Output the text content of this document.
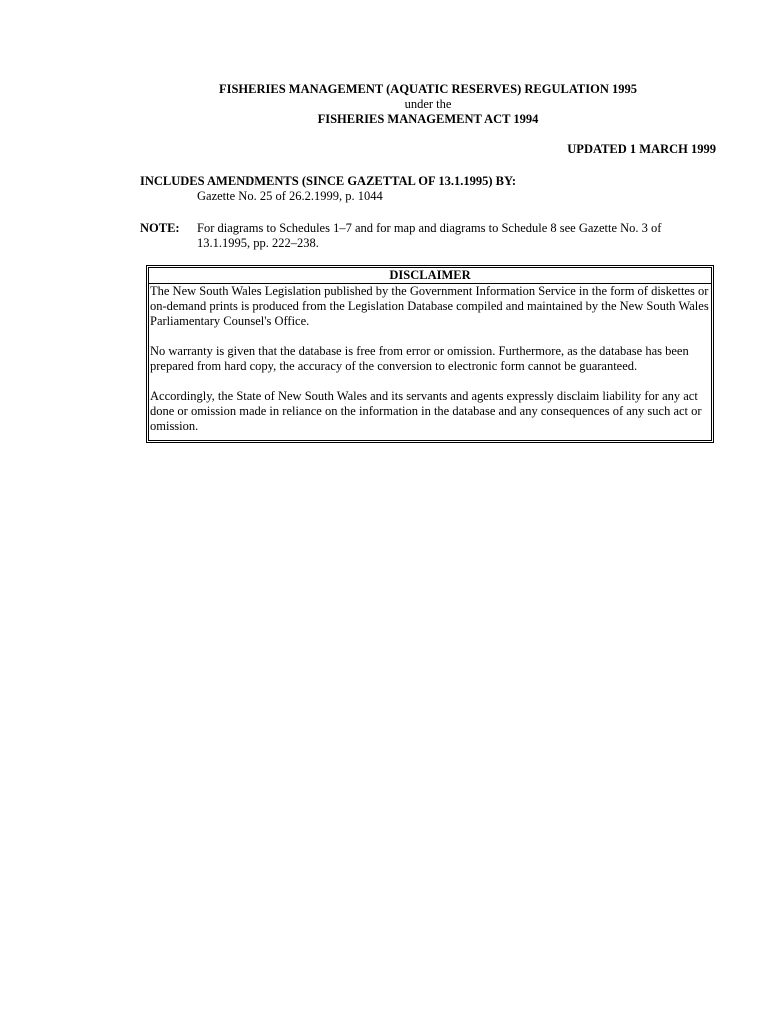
FISHERIES MANAGEMENT (AQUATIC RESERVES) REGULATION 1995
under the
FISHERIES MANAGEMENT ACT 1994
UPDATED 1 MARCH 1999
INCLUDES AMENDMENTS (SINCE GAZETTAL OF 13.1.1995) BY:
Gazette No. 25 of 26.2.1999, p. 1044
NOTE:	For diagrams to Schedules 1–7 and for map and diagrams to Schedule 8 see Gazette No. 3 of 13.1.1995, pp. 222–238.
DISCLAIMER

The New South Wales Legislation published by the Government Information Service in the form of diskettes or on-demand prints is produced from the Legislation Database compiled and maintained by the New South Wales Parliamentary Counsel's Office.

No warranty is given that the database is free from error or omission. Furthermore, as the database has been prepared from hard copy, the accuracy of the conversion to electronic form cannot be guaranteed.

Accordingly, the State of New South Wales and its servants and agents expressly disclaim liability for any act done or omission made in reliance on the information in the database and any consequences of any such act or omission.
